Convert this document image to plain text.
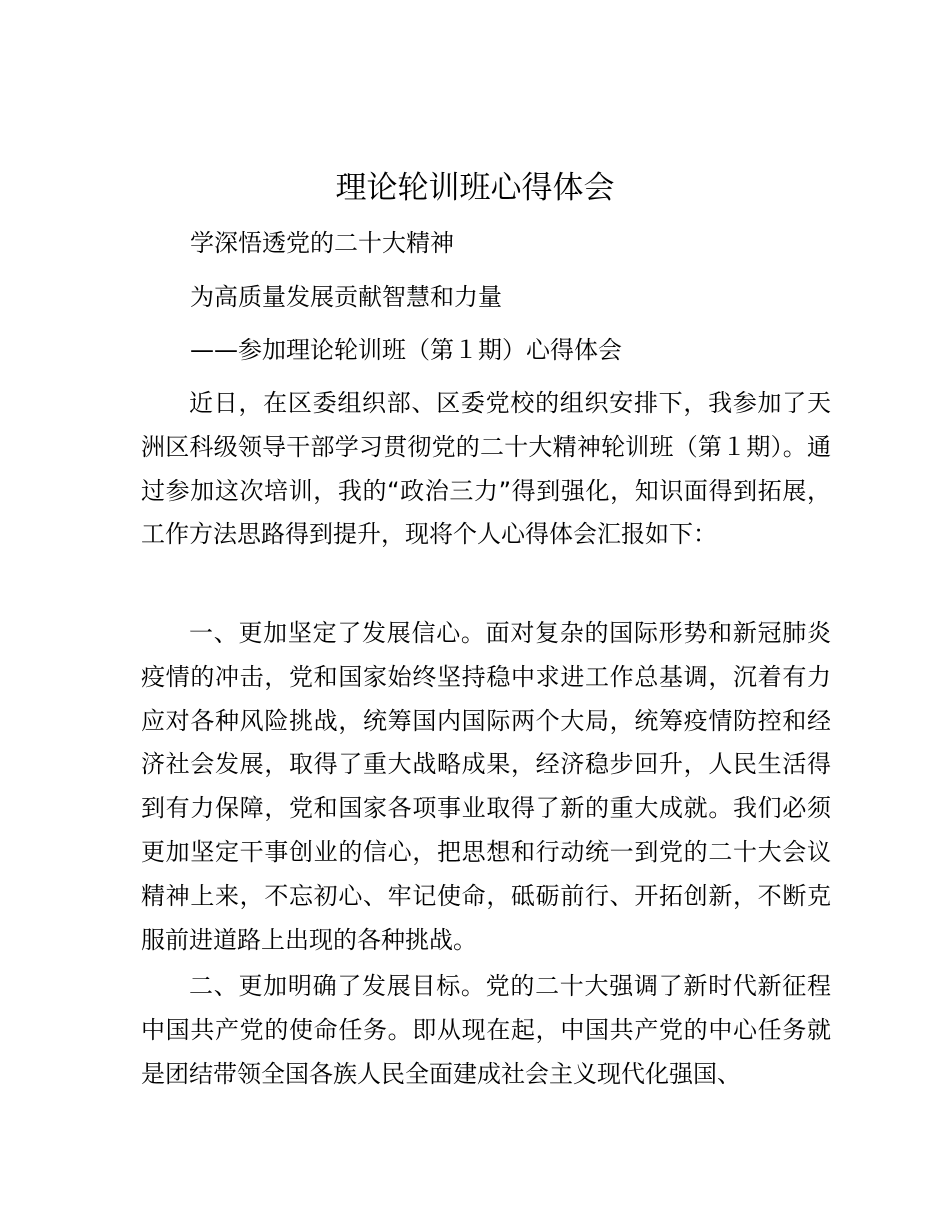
理论轮训班心得体会
学深悟透党的二十大精神
为高质量发展贡献智慧和力量
——参加理论轮训班（第１期）心得体会

近日，在区委组织部、区委党校的组织安排下，我参加了天洲区科级领导干部学习贯彻党的二十大精神轮训班（第１期）。通过参加这次培训，我的“政治三力”得到强化，知识面得到拓展，工作方法思路得到提升，现将个人心得体会汇报如下：

一、更加坚定了发展信心。面对复杂的国际形势和新冠肺炎疫情的冲击，党和国家始终坚持稳中求进工作总基调，沉着有力应对各种风险挑战，统筹国内国际两个大局，统筹疫情防控和经济社会发展，取得了重大战略成果，经济稳步回升，人民生活得到有力保障，党和国家各项事业取得了新的重大成就。我们必须更加坚定干事创业的信心，把思想和行动统一到党的二十大会议精神上来，不忘初心、牢记使命，砥砺前行、开拓创新，不断克服前进道路上出现的各种挑战。

二、更加明确了发展目标。党的二十大强调了新时代新征程中国共产党的使命任务。即从现在起，中国共产党的中心任务就是团结带领全国各族人民全面建成社会主义现代化强国、
